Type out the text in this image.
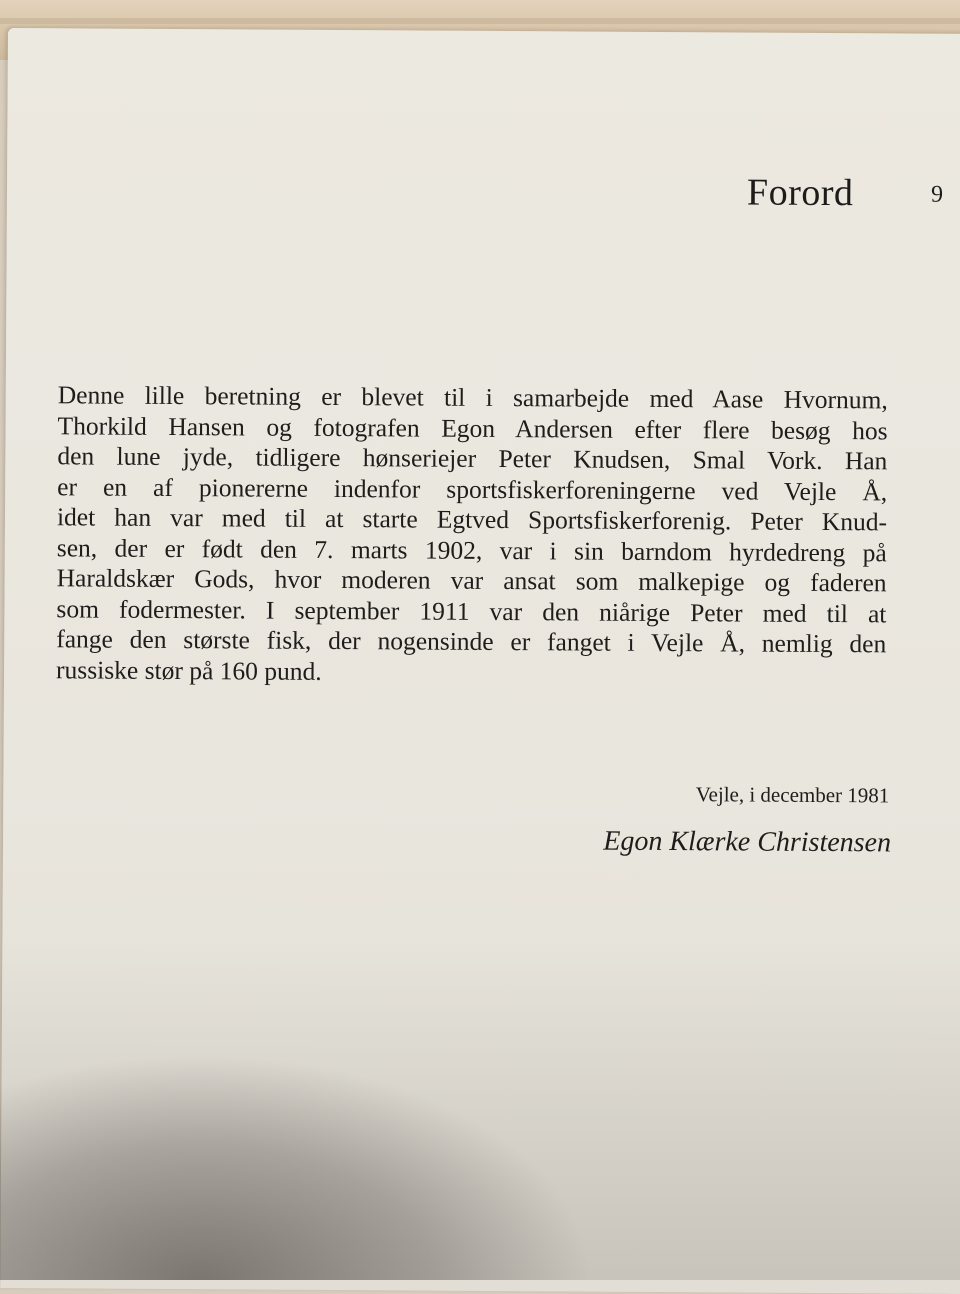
Forord	9

Denne lille beretning er blevet til i samarbejde med Aase Hvornum,
Thorkild Hansen og fotografen Egon Andersen efter flere besøg hos
den lune jyde, tidligere hønseriejer Peter Knudsen, Smal Vork. Han
er en af pionererne indenfor sportsfiskerforeningerne ved Vejle Å,
idet han var med til at starte Egtved Sportsfiskerforenig. Peter Knud-
sen, der er født den 7. marts 1902, var i sin barndom hyrdedreng på
Haraldskær Gods, hvor moderen var ansat som malkepige og faderen
som fodermester. I september 1911 var den niårige Peter med til at
fange den største fisk, der nogensinde er fanget i Vejle Å, nemlig den
russiske stør på 160 pund.

Vejle, i december 1981
Egon Klærke Christensen
